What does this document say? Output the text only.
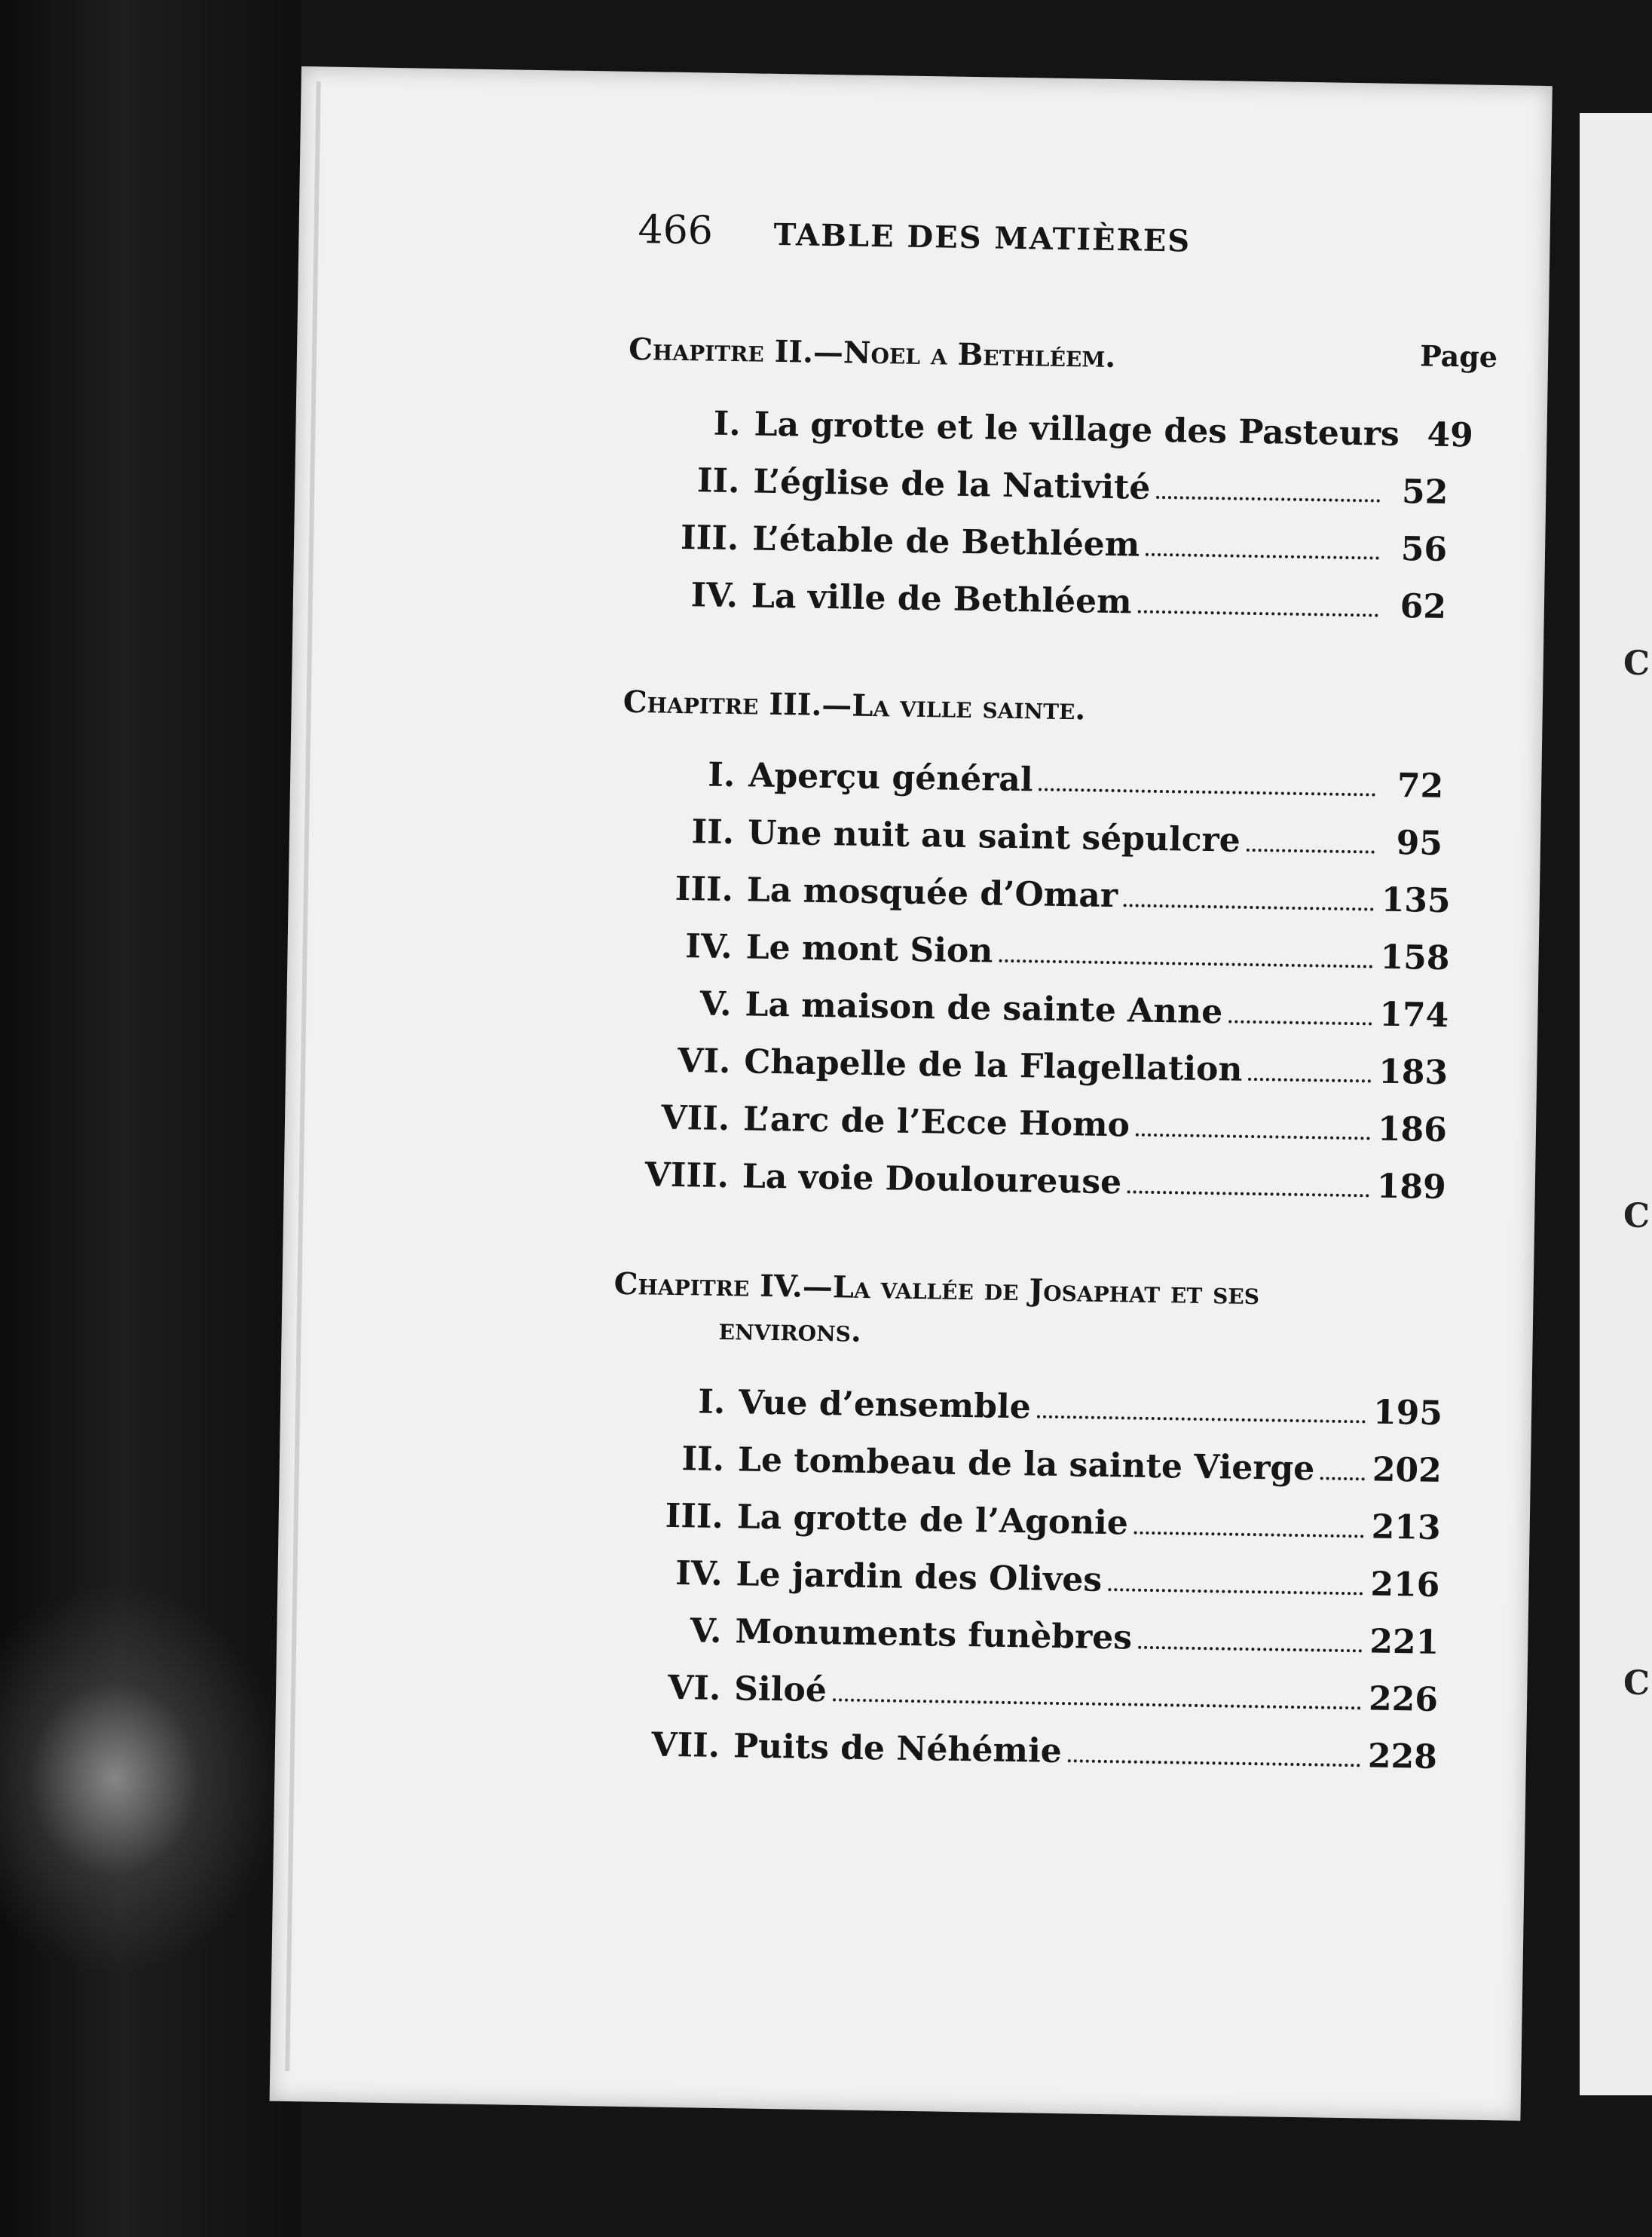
C
C
C
466 TABLE DES MATIÈRES
Page
Chapitre II.—Noel a Bethléem.
I. La grotte et le village des Pasteurs 49
II. L’église de la Nativité	52
III. L’étable de Bethléem	56
IV. La ville de Bethléem	62
Chapitre III.—La ville sainte.
I. Aperçu général	72
II. Une nuit au saint sépulcre	95
III. La mosquée d’Omar	135
IV. Le mont Sion	158
V. La maison de sainte Anne	174
VI. Chapelle de la Flagellation	183
VII. L’arc de l’Ecce Homo	186
VIII. La voie Douloureuse	189
Chapitre IV.—La vallée de Josaphat et ses
environs.
I. Vue d’ensemble	195
II. Le tombeau de la sainte Vierge 202
III. La grotte de l’Agonie	213
IV. Le jardin des Olives	216
V. Monuments funèbres	221
VI. Siloé	226
VII. Puits de Néhémie	228
